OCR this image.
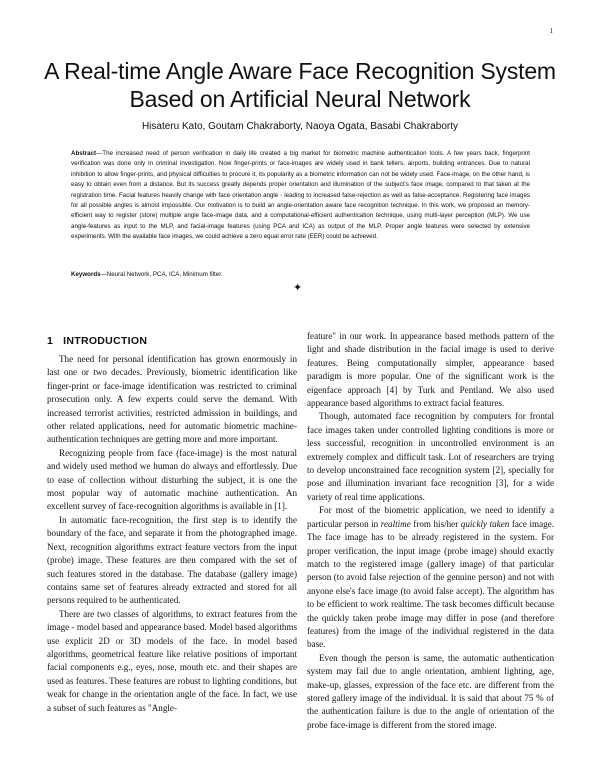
1
A Real-time Angle Aware Face Recognition System Based on Artificial Neural Network
Hisateru Kato, Goutam Chakraborty, Naoya Ogata, Basabi Chakraborty

Abstract—The increased need of person verification in daily life created a big market for biometric machine authentication tools. A few years back, fingerprint verification was done only in criminal investigation. Now finger-prints or face-images are widely used in bank tellers, airports, building entrances. Due to natural inhibition to allow finger-prints, and physical difficulties to procure it, its popularity as a biometric information can not be widely used. Face-image, on the other hand, is easy to obtain even from a distance. But its success greatly depends proper orientation and illumination of the subject's face image, compared to that taken at the registration time. Facial features heavily change with face orientation angle - leading to increased false-rejection as well as false-acceptance. Registering face images for all possible angles is almost impossible. Our motivation is to build an angle-orientation aware face recognition technique. In this work, we proposed an memory-efficient way to register (store) multiple angle face-image data, and a computational-efficient authentication technique, using multi-layer perception (MLP). We use angle-features as input to the MLP, and facial-image features (using PCA and ICA) as output of the MLP. Proper angle features were selected by extensive experiments. With the available face images, we could achieve a zero equal error rate (EER) could be achieved.

Keywords—Neural Network, PCA, ICA, Minimum filter.

✦
1 INTRODUCTION

The need for personal identification has grown enormously in last one or two decades. Previously, biometric identification like finger-print or face-image identification was restricted to criminal prosecution only. A few experts could serve the demand. With increased terrorist activities, restricted admission in buildings, and other related applications, need for automatic biometric machine-authentication techniques are getting more and more important.

Recognizing people from face (face-image) is the most natural and widely used method we human do always and effortlessly. Due to ease of collection without disturbing the subject, it is one the most popular way of automatic machine authentication. An excellent survey of face-recognition algorithms is available in [1].

In automatic face-recognition, the first step is to identify the boundary of the face, and separate it from the photographed image. Next, recognition algorithms extract feature vectors from the input (probe) image. These features are then compared with the set of such features stored in the database. The database (gallery image) contains same set of features already extracted and stored for all persons required to be authenticated.

There are two classes of algorithms, to extract features from the image - model based and appearance based. Model based algorithms use explicit 2D or 3D models of the face. In model based algorithms, geometrical feature like relative positions of important facial components e.g., eyes, nose, mouth etc. and their shapes are used as features. These features are robust to lighting conditions, but weak for change in the orientation angle of the face. In fact, we use a subset of such features as "Angle-

feature" in our work. In appearance based methods pattern of the light and shade distribution in the facial image is used to derive features. Being computationally simpler, appearance based paradigm is more popular. One of the significant work is the eigenface approach [4] by Turk and Pentland. We also used appearance based algorithms to extract facial features.

Though, automated face recognition by computers for frontal face images taken under controlled lighting conditions is more or less successful, recognition in uncontrolled environment is an extremely complex and difficult task. Lot of researchers are trying to develop unconstrained face recognition system [2], specially for pose and illumination invariant face recognition [3], for a wide variety of real time applications.

For most of the biometric application, we need to identify a particular person in realtime from his/her quickly taken face image. The face image has to be already registered in the system. For proper verification, the input image (probe image) should exactly match to the registered image (gallery image) of that particular person (to avoid false rejection of the genuine person) and not with anyone else's face image (to avoid false accept). The algorithm has to be efficient to work realtime. The task becomes difficult because the quickly taken probe image may differ in pose (and therefore features) from the image of the individual registered in the data base.

Even though the person is same, the automatic authentication system may fail due to angle orientation, ambient lighting, age, make-up, glasses, expression of the face etc. are different from the stored gallery image of the individual. It is said that about 75 % of the authentication failure is due to the angle of orientation of the probe face-image is different from the stored image.
